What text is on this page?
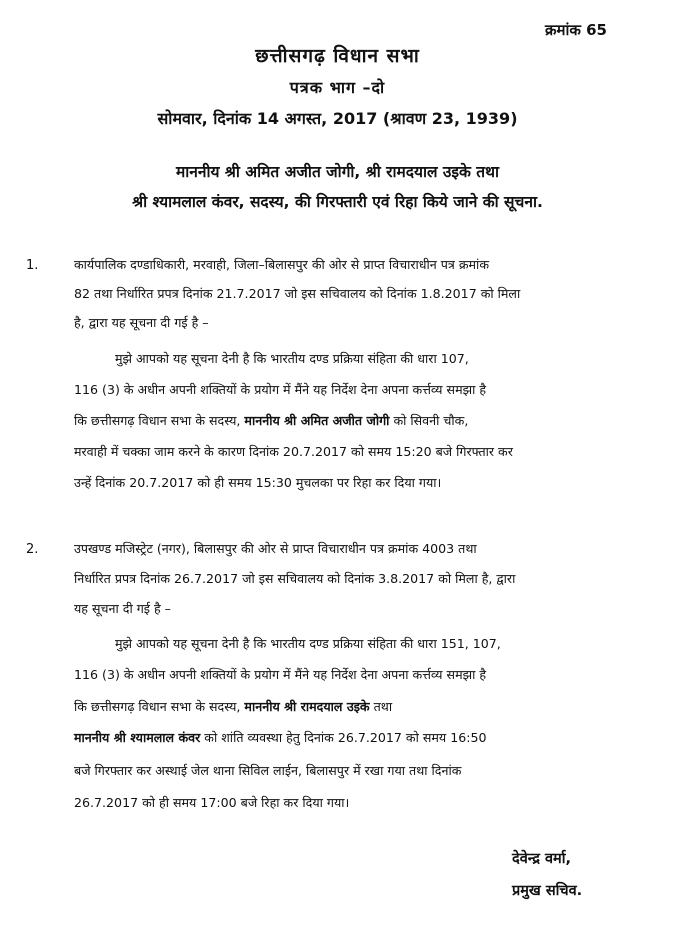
क्रमांक 65
छत्तीसगढ़ विधान सभा
पत्रक भाग –दो
सोमवार, दिनांक 14 अगस्त, 2017 (श्रावण 23, 1939)
माननीय श्री अमित अजीत जोगी, श्री रामदयाल उइके तथा
श्री श्यामलाल कंवर, सदस्य, की गिरफ्तारी एवं रिहा किये जाने की सूचना.
1.	कार्यपालिक दण्डाधिकारी, मरवाही, जिला–बिलासपुर की ओर से प्राप्त विचाराधीन पत्र क्रमांक
82 तथा निर्धारित प्रपत्र दिनांक 21.7.2017 जो इस सचिवालय को दिनांक 1.8.2017 को मिला
है, द्वारा यह सूचना दी गई है –
मुझे आपको यह सूचना देनी है कि भारतीय दण्ड प्रक्रिया संहिता की धारा 107,
116 (3) के अधीन अपनी शक्तियों के प्रयोग में मैंने यह निर्देश देना अपना कर्त्तव्य समझा है
कि छत्तीसगढ़ विधान सभा के सदस्य, माननीय श्री अमित अजीत जोगी को सिवनी चौक,
मरवाही में चक्का जाम करने के कारण दिनांक 20.7.2017 को समय 15:20 बजे गिरफ्तार कर
उन्हें दिनांक 20.7.2017 को ही समय 15:30 मुचलका पर रिहा कर दिया गया।
2.	उपखण्ड मजिस्ट्रेट (नगर), बिलासपुर की ओर से प्राप्त विचाराधीन पत्र क्रमांक 4003 तथा
निर्धारित प्रपत्र दिनांक 26.7.2017 जो इस सचिवालय को दिनांक 3.8.2017 को मिला है, द्वारा
यह सूचना दी गई है –
मुझे आपको यह सूचना देनी है कि भारतीय दण्ड प्रक्रिया संहिता की धारा 151, 107,
116 (3) के अधीन अपनी शक्तियों के प्रयोग में मैंने यह निर्देश देना अपना कर्त्तव्य समझा है
कि छत्तीसगढ़ विधान सभा के सदस्य, माननीय श्री रामदयाल उइके तथा
माननीय श्री श्यामलाल कंवर को शांति व्यवस्था हेतु दिनांक 26.7.2017 को समय 16:50
बजे गिरफ्तार कर अस्थाई जेल थाना सिविल लाईन, बिलासपुर में रखा गया तथा दिनांक
26.7.2017 को ही समय 17:00 बजे रिहा कर दिया गया।
देवेन्द्र वर्मा,
प्रमुख सचिव.
